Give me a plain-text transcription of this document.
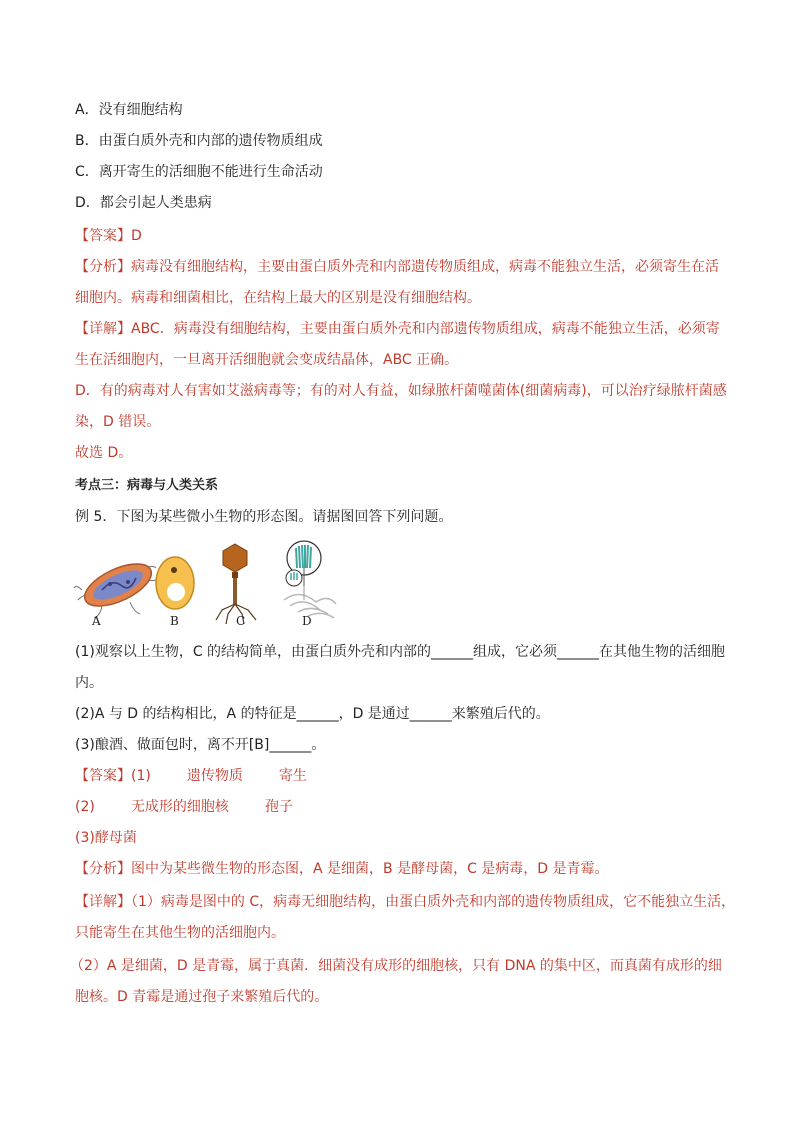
A．没有细胞结构
B．由蛋白质外壳和内部的遗传物质组成
C．离开寄生的活细胞不能进行生命活动
D．都会引起人类患病
【答案】D
【分析】病毒没有细胞结构，主要由蛋白质外壳和内部遗传物质组成，病毒不能独立生活，必须寄生在活
细胞内。病毒和细菌相比，在结构上最大的区别是没有细胞结构。
【详解】ABC．病毒没有细胞结构，主要由蛋白质外壳和内部遗传物质组成，病毒不能独立生活，必须寄
生在活细胞内，一旦离开活细胞就会变成结晶体，ABC 正确。
D．有的病毒对人有害如艾滋病毒等；有的对人有益，如绿脓杆菌噬菌体(细菌病毒)，可以治疗绿脓杆菌感
染，D 错误。
故选 D。
考点三：病毒与人类关系
例 5．下图为某些微小生物的形态图。请据图回答下列问题。
A	B	C	D
(1)观察以上生物，C 的结构简单，由蛋白质外壳和内部的______组成，它必须______在其他生物的活细胞
内。
(2)A 与 D 的结构相比，A 的特征是______，D 是通过______来繁殖后代的。
(3)酿酒、做面包时，离不开[B]______。
【答案】(1)	遗传物质	寄生
(2)	无成形的细胞核	孢子
(3)酵母菌
【分析】图中为某些微生物的形态图，A 是细菌，B 是酵母菌，C 是病毒，D 是青霉。
【详解】（1）病毒是图中的 C，病毒无细胞结构，由蛋白质外壳和内部的遗传物质组成，它不能独立生活，
只能寄生在其他生物的活细胞内。
（2）A 是细菌，D 是青霉，属于真菌．细菌没有成形的细胞核，只有 DNA 的集中区，而真菌有成形的细
胞核。D 青霉是通过孢子来繁殖后代的。
